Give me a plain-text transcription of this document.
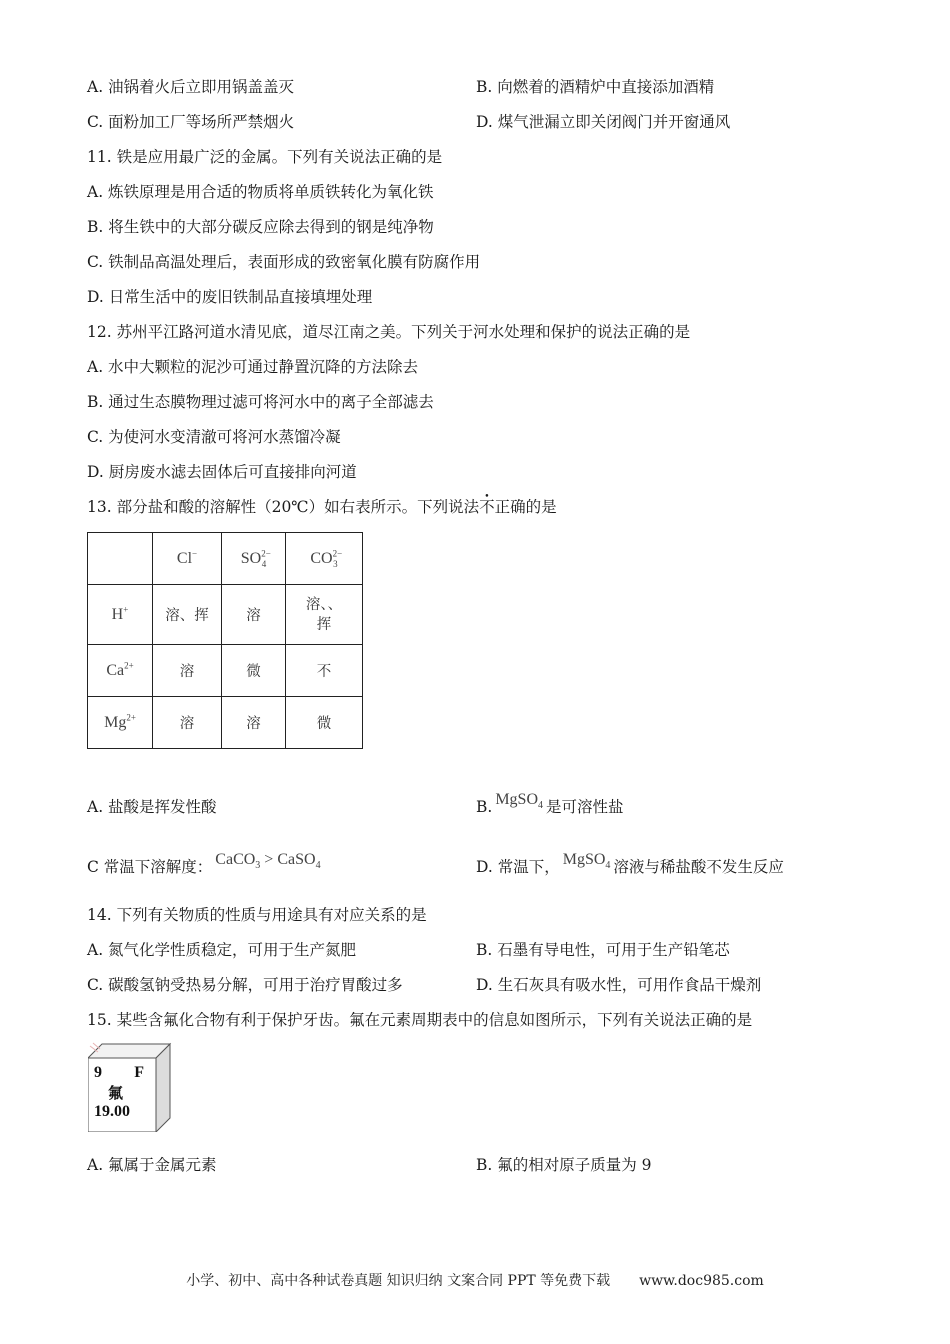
A. 油锅着火后立即用锅盖盖灭	B. 向燃着的酒精炉中直接添加酒精
C. 面粉加工厂等场所严禁烟火	D. 煤气泄漏立即关闭阀门并开窗通风
11. 铁是应用最广泛的金属。下列有关说法正确的是
A. 炼铁原理是用合适的物质将单质铁转化为氧化铁
B. 将生铁中的大部分碳反应除去得到的钢是纯净物
C. 铁制品高温处理后，表面形成的致密氧化膜有防腐作用
D. 日常生活中的废旧铁制品直接填埋处理
12. 苏州平江路河道水清见底，道尽江南之美。下列关于河水处理和保护的说法正确的是
A. 水中大颗粒的泥沙可通过静置沉降的方法除去
B. 通过生态膜物理过滤可将河水中的离子全部滤去
C. 为使河水变清澈可将河水蒸馏冷凝
D. 厨房废水滤去固体后可直接排向河道
13. 部分盐和酸的溶解性（20℃）如右表所示。下列说法不正确的是
	Cl−	$SO^{2-}_4$	$CO^{2-}_3$
H+	溶、挥	溶	溶、、
挥

$Ca^{2+}$	溶	微	不
$Mg^{2+}$	溶	溶	微
A. 盐酸是挥发性酸	B. MgSO$_4$ 是可溶性盐
C 常温下溶解度： CaCO$_3$ > CaSO$_4$	D. 常温下， MgSO$_4$ 溶液与稀盐酸不发生反应
14. 下列有关物质的性质与用途具有对应关系的是
A. 氮气化学性质稳定，可用于生产氮肥	B. 石墨有导电性，可用于生产铅笔芯
C. 碳酸氢钠受热易分解，可用于治疗胃酸过多	D. 生石灰具有吸水性，可用作食品干燥剂
15. 某些含氟化合物有利于保护牙齿。氟在元素周期表中的信息如图所示，下列有关说法正确的是
9 F
氟
19.00
A. 氟属于金属元素	B. 氟的相对原子质量为 9
小学、初中、高中各种试卷真题 知识归纳 文案合同 PPT 等免费下载 www.doc985.com
